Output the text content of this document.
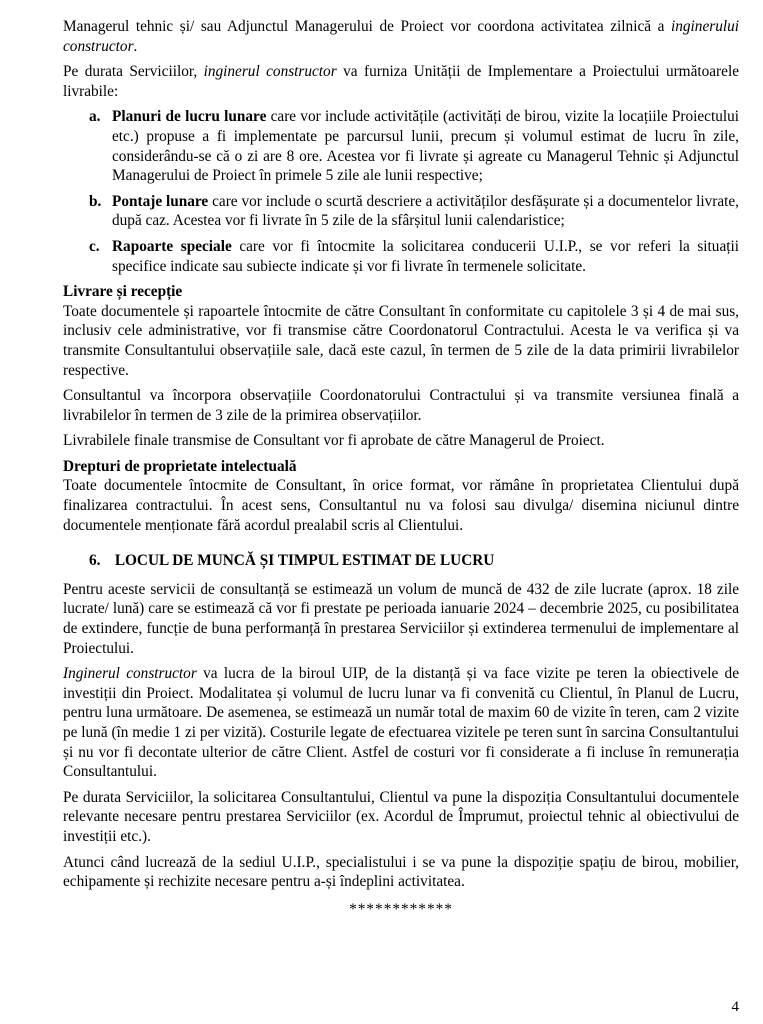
Managerul tehnic și/ sau Adjunctul Managerului de Proiect vor coordona activitatea zilnică a inginerului constructor.

Pe durata Serviciilor, inginerul constructor va furniza Unității de Implementare a Proiectului următoarele livrabile:

a. Planuri de lucru lunare care vor include activitățile (activități de birou, vizite la locațiile Proiectului etc.) propuse a fi implementate pe parcursul lunii, precum și volumul estimat de lucru în zile, considerându-se că o zi are 8 ore. Acestea vor fi livrate și agreate cu Managerul Tehnic și Adjunctul Managerului de Proiect în primele 5 zile ale lunii respective;
b. Pontaje lunare care vor include o scurtă descriere a activităților desfășurate și a documentelor livrate, după caz. Acestea vor fi livrate în 5 zile de la sfârșitul lunii calendaristice;
c. Rapoarte speciale care vor fi întocmite la solicitarea conducerii U.I.P., se vor referi la situații specifice indicate sau subiecte indicate și vor fi livrate în termenele solicitate.

Livrare și recepție

Toate documentele și rapoartele întocmite de către Consultant în conformitate cu capitolele 3 și 4 de mai sus, inclusiv cele administrative, vor fi transmise către Coordonatorul Contractului. Acesta le va verifica și va transmite Consultantului observațiile sale, dacă este cazul, în termen de 5 zile de la data primirii livrabilelor respective.

Consultantul va încorpora observațiile Coordonatorului Contractului și va transmite versiunea finală a livrabilelor în termen de 3 zile de la primirea observațiilor.

Livrabilele finale transmise de Consultant vor fi aprobate de către Managerul de Proiect.

Drepturi de proprietate intelectuală

Toate documentele întocmite de Consultant, în orice format, vor rămâne în proprietatea Clientului după finalizarea contractului. În acest sens, Consultantul nu va folosi sau divulga/ disemina niciunul dintre documentele menționate fără acordul prealabil scris al Clientului.

6. LOCUL DE MUNCĂ ȘI TIMPUL ESTIMAT DE LUCRU

Pentru aceste servicii de consultanță se estimează un volum de muncă de 432 de zile lucrate (aprox. 18 zile lucrate/ lună) care se estimează că vor fi prestate pe perioada ianuarie 2024 – decembrie 2025, cu posibilitatea de extindere, funcție de buna performanță în prestarea Serviciilor și extinderea termenului de implementare al Proiectului.

Inginerul constructor va lucra de la biroul UIP, de la distanță și va face vizite pe teren la obiectivele de investiții din Proiect. Modalitatea și volumul de lucru lunar va fi convenită cu Clientul, în Planul de Lucru, pentru luna următoare. De asemenea, se estimează un număr total de maxim 60 de vizite în teren, cam 2 vizite pe lună (în medie 1 zi per vizită). Costurile legate de efectuarea vizitele pe teren sunt în sarcina Consultantului și nu vor fi decontate ulterior de către Client. Astfel de costuri vor fi considerate a fi incluse în remunerația Consultantului.

Pe durata Serviciilor, la solicitarea Consultantului, Clientul va pune la dispoziția Consultantului documentele relevante necesare pentru prestarea Serviciilor (ex. Acordul de Împrumut, proiectul tehnic al obiectivului de investiții etc.).

Atunci când lucrează de la sediul U.I.P., specialistului i se va pune la dispoziție spațiu de birou, mobilier, echipamente și rechizite necesare pentru a-și îndeplini activitatea.

************
4
